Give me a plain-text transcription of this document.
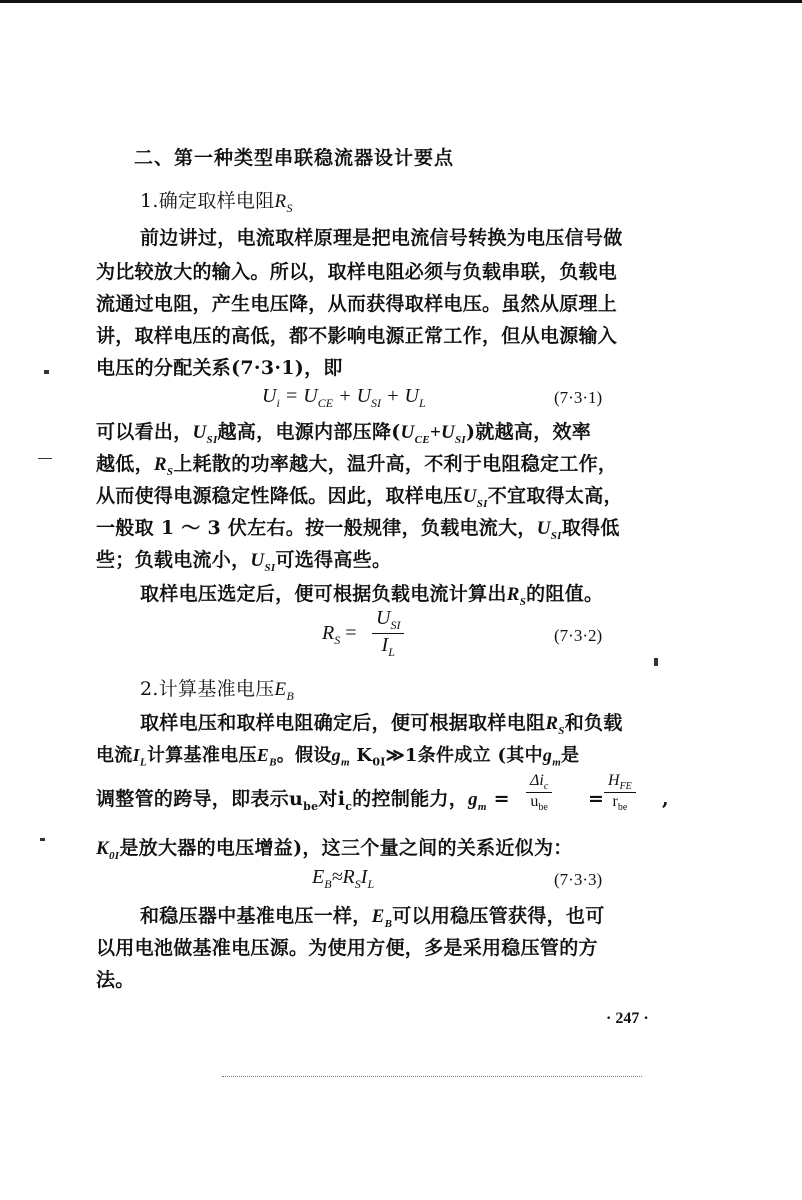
二、第一种类型串联稳流器设计要点
1.确定取样电阻$R_S$
前边讲过，电流取样原理是把电流信号转换为电压信号做
为比较放大的输入。所以，取样电阻必须与负载串联，负载电
流通过电阻，产生电压降，从而获得取样电压。虽然从原理上
讲，取样电压的高低，都不影响电源正常工作，但从电源输入
电压的分配关系(7·3·1)，即
$U_i = U_{CE} + U_{SI} + U_L$	(7·3·1)
可以看出，$U_{SI}$越高，电源内部压降$(U_{CE}+U_{SI})$就越高，效率
越低，$R_S$上耗散的功率越大，温升高，不利于电阻稳定工作，
从而使得电源稳定性降低。因此，取样电压$U_{SI}$不宜取得太高，
一般取 1 ～ 3 伏左右。按一般规律，负载电流大，$U_{SI}$取得低
些；负载电流小，$U_{SI}$可选得高些。
取样电压选定后，便可根据负载电流计算出$R_S$的阻值。
$R_S$ =
$U_{SI}$
$I_L$
(7·3·2)
2.计算基准电压$E_B$
取样电压和取样电阻确定后，便可根据取样电阻$R_S$和负载
电流$I_L$计算基准电压$E_B$。假设$g_m$ $K_{0I}≫1$条件成立 (其中$g_m$是
调整管的跨导，即表示$u_{be}$对$i_c$的控制能力，$g_m$ =
$\Delta i_c$
$u_{be}$ =
$H_{FE}$
$r_{be}$	,
$K_{0I}$是放大器的电压增益)，这三个量之间的关系近似为：
$E_B\approx R_SI_L$	(7·3·3)
和稳压器中基准电压一样，$E_B$可以用稳压管获得，也可
以用电池做基准电压源。为使用方便，多是采用稳压管的方
法。
· 247 ·
